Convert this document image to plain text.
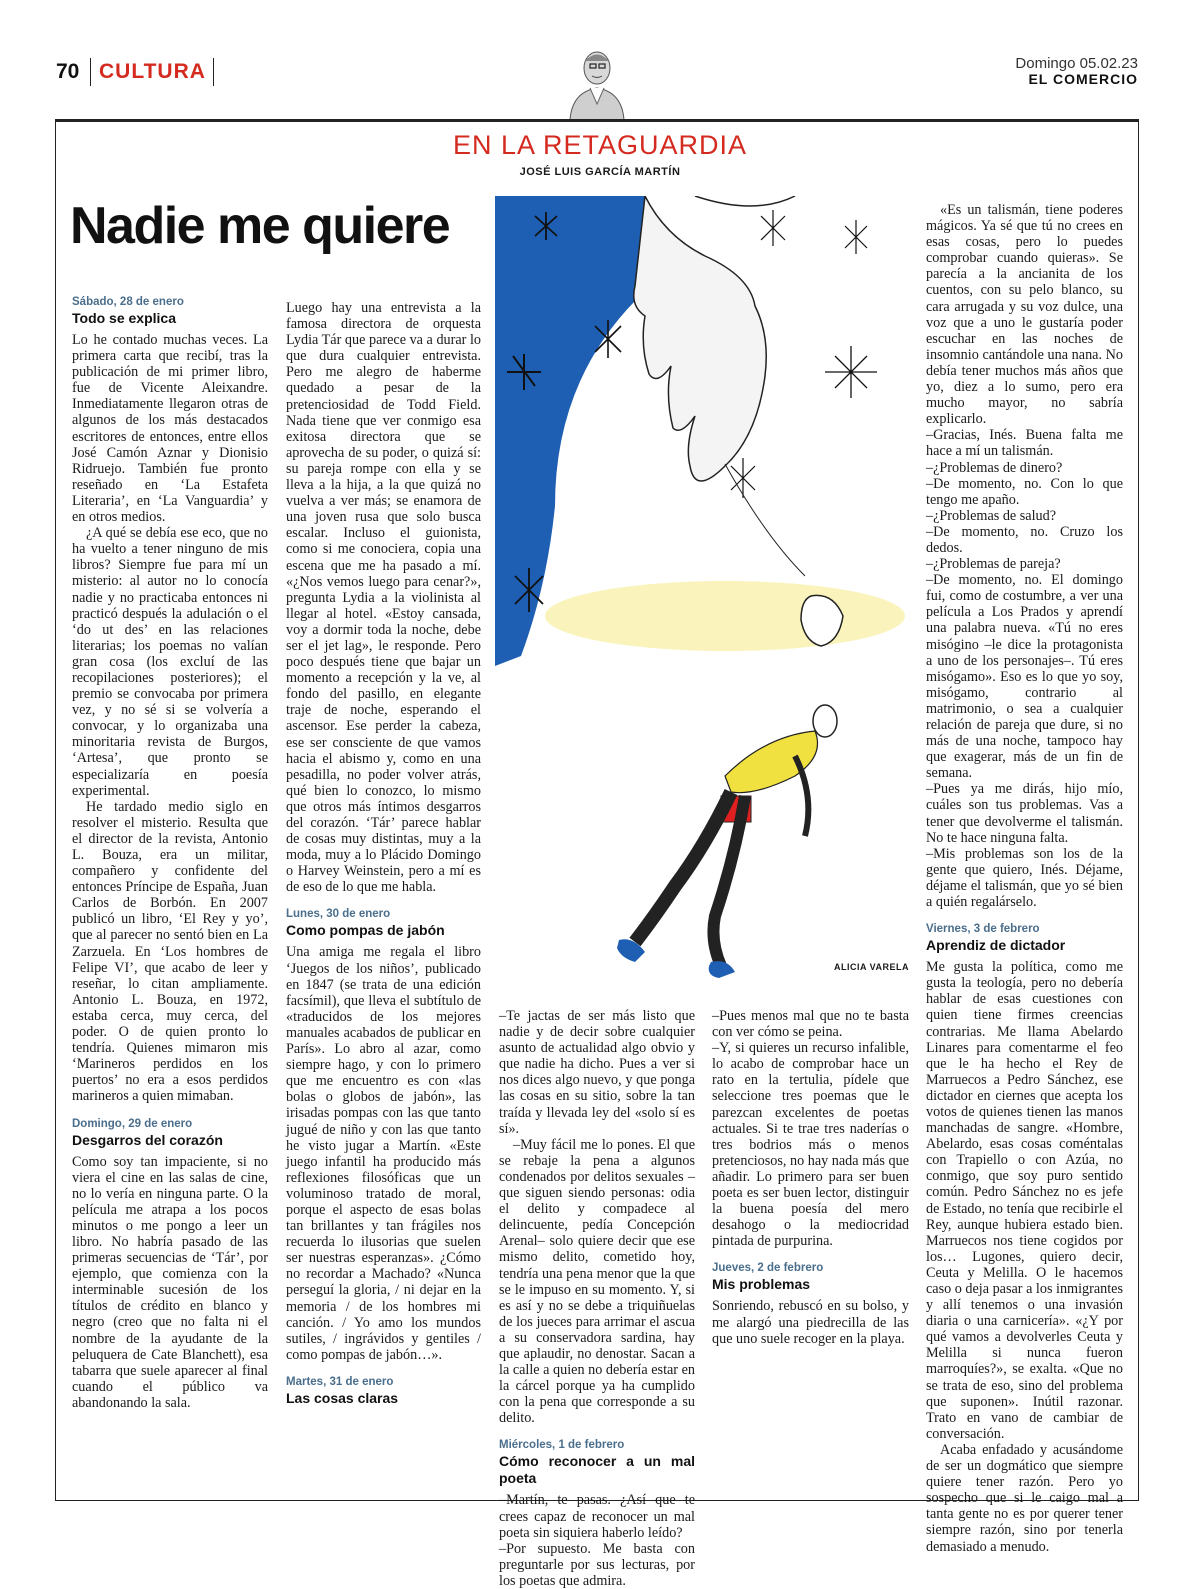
70 CULTURA	Domingo 05.02.23
EL COMERCIO
EN LA RETAGUARDIA
JOSÉ LUIS GARCÍA MARTÍN
Nadie me quiere
Sábado, 28 de enero
Todo se explica

Lo he contado muchas veces. La primera carta que recibí, tras la publicación de mi primer libro, fue de Vicente Aleixandre. Inmediatamente llegaron otras de algunos de los más destacados escritores de entonces, entre ellos José Camón Aznar y Dionisio Ridruejo. También fue pronto reseñado en ‘La Estafeta Literaria’, en ‘La Vanguardia’ y en otros medios.

¿A qué se debía ese eco, que no ha vuelto a tener ninguno de mis libros? Siempre fue para mí un misterio: al autor no lo conocía nadie y no practicaba entonces ni practicó después la adulación o el ‘do ut des’ en las relaciones literarias; los poemas no valían gran cosa (los excluí de las recopilaciones posteriores); el premio se convocaba por primera vez, y no sé si se volvería a convocar, y lo organizaba una minoritaria revista de Burgos, ‘Artesa’, que pronto se especializaría en poesía experimental.

He tardado medio siglo en resolver el misterio. Resulta que el director de la revista, Antonio L. Bouza, era un militar, compañero y confidente del entonces Príncipe de España, Juan Carlos de Borbón. En 2007 publicó un libro, ‘El Rey y yo’, que al parecer no sentó bien en La Zarzuela. En ‘Los hombres de Felipe VI’, que acabo de leer y reseñar, lo citan ampliamente. Antonio L. Bouza, en 1972, estaba cerca, muy cerca, del poder. O de quien pronto lo tendría. Quienes mimaron mis ‘Marineros perdidos en los puertos’ no era a esos perdidos marineros a quien mimaban.

Domingo, 29 de enero
Desgarros del corazón

Como soy tan impaciente, si no viera el cine en las salas de cine, no lo vería en ninguna parte. O la película me atrapa a los pocos minutos o me pongo a leer un libro. No habría pasado de las primeras secuencias de ‘Tár’, por ejemplo, que comienza con la interminable sucesión de los títulos de crédito en blanco y negro (creo que no falta ni el nombre de la ayudante de la peluquera de Cate Blanchett), esa tabarra que suele aparecer al final cuando el público va abandonando la sala.

Luego hay una entrevista a la famosa directora de orquesta Lydia Tár que parece va a durar lo que dura cualquier entrevista. Pero me alegro de haberme quedado a pesar de la pretenciosidad de Todd Field. Nada tiene que ver conmigo esa exitosa directora que se aprovecha de su poder, o quizá sí: su pareja rompe con ella y se lleva a la hija, a la que quizá no vuelva a ver más; se enamora de una joven rusa que solo busca escalar. Incluso el guionista, como si me conociera, copia una escena que me ha pasado a mí. «¿Nos vemos luego para cenar?», pregunta Lydia a la violinista al llegar al hotel. «Estoy cansada, voy a dormir toda la noche, debe ser el jet lag», le responde. Pero poco después tiene que bajar un momento a recepción y la ve, al fondo del pasillo, en elegante traje de noche, esperando el ascensor. Ese perder la cabeza, ese ser consciente de que vamos hacia el abismo y, como en una pesadilla, no poder volver atrás, qué bien lo conozco, lo mismo que otros más íntimos desgarros del corazón. ‘Tár’ parece hablar de cosas muy distintas, muy a la moda, muy a lo Plácido Domingo o Harvey Weinstein, pero a mí es de eso de lo que me habla.

Lunes, 30 de enero
Como pompas de jabón

Una amiga me regala el libro ‘Juegos de los niños’, publicado en 1847 (se trata de una edición facsímil), que lleva el subtítulo de «traducidos de los mejores manuales acabados de publicar en París». Lo abro al azar, como siempre hago, y con lo primero que me encuentro es con «las bolas o globos de jabón», las irisadas pompas con las que tanto jugué de niño y con las que tanto he visto jugar a Martín. «Este juego infantil ha producido más reflexiones filosóficas que un voluminoso tratado de moral, porque el aspecto de esas bolas tan brillantes y tan frágiles nos recuerda lo ilusorias que suelen ser nuestras esperanzas». ¿Cómo no recordar a Machado? «Nunca perseguí la gloria, / ni dejar en la memoria / de los hombres mi canción. / Yo amo los mundos sutiles, / ingrávidos y gentiles / como pompas de jabón…».

Martes, 31 de enero
Las cosas claras
ALICIA VARELA

–Te jactas de ser más listo que nadie y de decir sobre cualquier asunto de actualidad algo obvio y que nadie ha dicho. Pues a ver si nos dices algo nuevo, y que ponga las cosas en su sitio, sobre la tan traída y llevada ley del «solo sí es sí».

–Muy fácil me lo pones. El que se rebaje la pena a algunos condenados por delitos sexuales –que siguen siendo personas: odia el delito y compadece al delincuente, pedía Concepción Arenal– solo quiere decir que ese mismo delito, cometido hoy, tendría una pena menor que la que se le impuso en su momento. Y, si es así y no se debe a triquiñuelas de los jueces para arrimar el ascua a su conservadora sardina, hay que aplaudir, no denostar. Sacan a la calle a quien no debería estar en la cárcel porque ya ha cumplido con la pena que corresponde a su delito.

Miércoles, 1 de febrero
Cómo reconocer a un mal poeta

–Martín, te pasas. ¿Así que te crees capaz de reconocer un mal poeta sin siquiera haberlo leído?

–Por supuesto. Me basta con preguntarle por sus lecturas, por los poetas que admira.

–Pues menos mal que no te basta con ver cómo se peina.

–Y, si quieres un recurso infalible, lo acabo de comprobar hace un rato en la tertulia, pídele que seleccione tres poemas que le parezcan excelentes de poetas actuales. Si te trae tres naderías o tres bodrios más o menos pretenciosos, no hay nada más que añadir. Lo primero para ser buen poeta es ser buen lector, distinguir la buena poesía del mero desahogo o la mediocridad pintada de purpurina.

Jueves, 2 de febrero
Mis problemas

Sonriendo, rebuscó en su bolso, y me alargó una piedrecilla de las que uno suele recoger en la playa.

«Es un talismán, tiene poderes mágicos. Ya sé que tú no crees en esas cosas, pero lo puedes comprobar cuando quieras». Se parecía a la ancianita de los cuentos, con su pelo blanco, su cara arrugada y su voz dulce, una voz que a uno le gustaría poder escuchar en las noches de insomnio cantándole una nana. No debía tener muchos más años que yo, diez a lo sumo, pero era mucho mayor, no sabría explicarlo.

–Gracias, Inés. Buena falta me hace a mí un talismán.

–¿Problemas de dinero?

–De momento, no. Con lo que tengo me apaño.

–¿Problemas de salud?

–De momento, no. Cruzo los dedos.

–¿Problemas de pareja?

–De momento, no. El domingo fui, como de costumbre, a ver una película a Los Prados y aprendí una palabra nueva. «Tú no eres misógino –le dice la protagonista a uno de los personajes–. Tú eres misógamo». Eso es lo que yo soy, misógamo, contrario al matrimonio, o sea a cualquier relación de pareja que dure, si no más de una noche, tampoco hay que exagerar, más de un fin de semana.

–Pues ya me dirás, hijo mío, cuáles son tus problemas. Vas a tener que devolverme el talismán. No te hace ninguna falta.

–Mis problemas son los de la gente que quiero, Inés. Déjame, déjame el talismán, que yo sé bien a quién regalárselo.

Viernes, 3 de febrero
Aprendiz de dictador

Me gusta la política, como me gusta la teología, pero no debería hablar de esas cuestiones con quien tiene firmes creencias contrarias. Me llama Abelardo Linares para comentarme el feo que le ha hecho el Rey de Marruecos a Pedro Sánchez, ese dictador en ciernes que acepta los votos de quienes tienen las manos manchadas de sangre. «Hombre, Abelardo, esas cosas coméntalas con Trapiello o con Azúa, no conmigo, que soy puro sentido común. Pedro Sánchez no es jefe de Estado, no tenía que recibirle el Rey, aunque hubiera estado bien. Marruecos nos tiene cogidos por los… Lugones, quiero decir, Ceuta y Melilla. O le hacemos caso o deja pasar a los inmigrantes y allí tenemos o una invasión diaria o una carnicería». «¿Y por qué vamos a devolverles Ceuta y Melilla si nunca fueron marroquíes?», se exalta. «Que no se trata de eso, sino del problema que suponen». Inútil razonar. Trato en vano de cambiar de conversación.

Acaba enfadado y acusándome de ser un dogmático que siempre quiere tener razón. Pero yo sospecho que si le caigo mal a tanta gente no es por querer tener siempre razón, sino por tenerla demasiado a menudo.
